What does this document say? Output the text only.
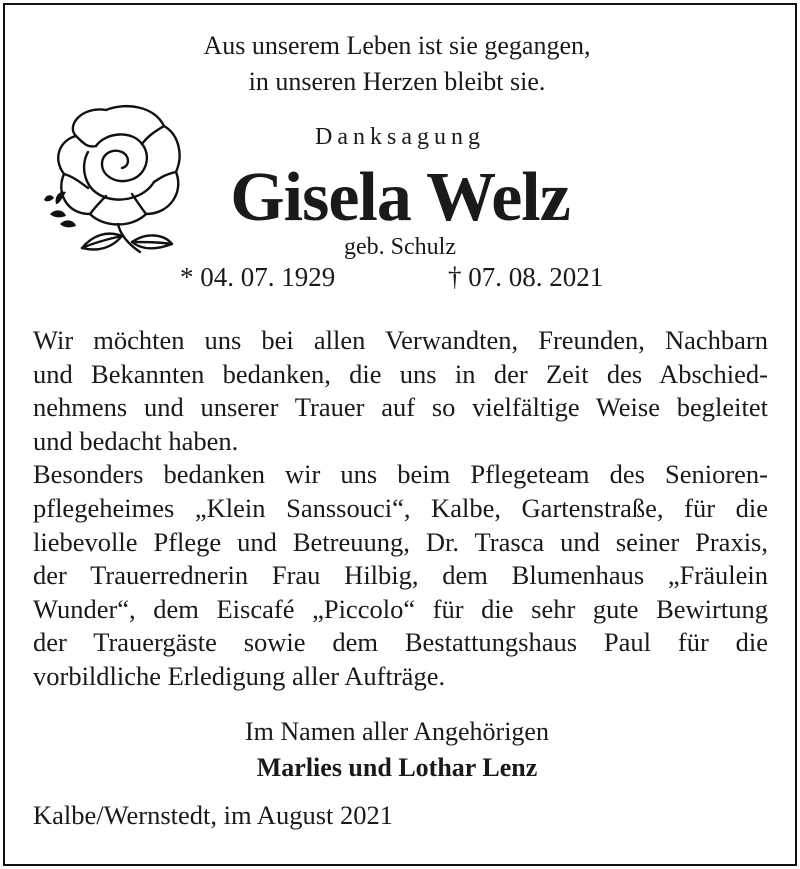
Aus unserem Leben ist sie gegangen,
in unseren Herzen bleibt sie.
Danksagung
Gisela Welz
geb. Schulz
* 04. 07. 1929	† 07. 08. 2021
Wir möchten uns bei allen Verwandten, Freunden, Nachbarn
und Bekannten bedanken, die uns in der Zeit des Abschied-
nehmens und unserer Trauer auf so vielfältige Weise begleitet
und bedacht haben.
Besonders bedanken wir uns beim Pflegeteam des Senioren-
pflegeheimes „Klein Sanssouci“, Kalbe, Gartenstraße, für die
liebevolle Pflege und Betreuung, Dr. Trasca und seiner Praxis,
der Trauerrednerin Frau Hilbig, dem Blumenhaus „Fräulein
Wunder“, dem Eiscafé „Piccolo“ für die sehr gute Bewirtung
der Trauergäste sowie dem Bestattungshaus Paul für die
vorbildliche Erledigung aller Aufträge.
Im Namen aller Angehörigen
Marlies und Lothar Lenz
Kalbe/Wernstedt, im August 2021
